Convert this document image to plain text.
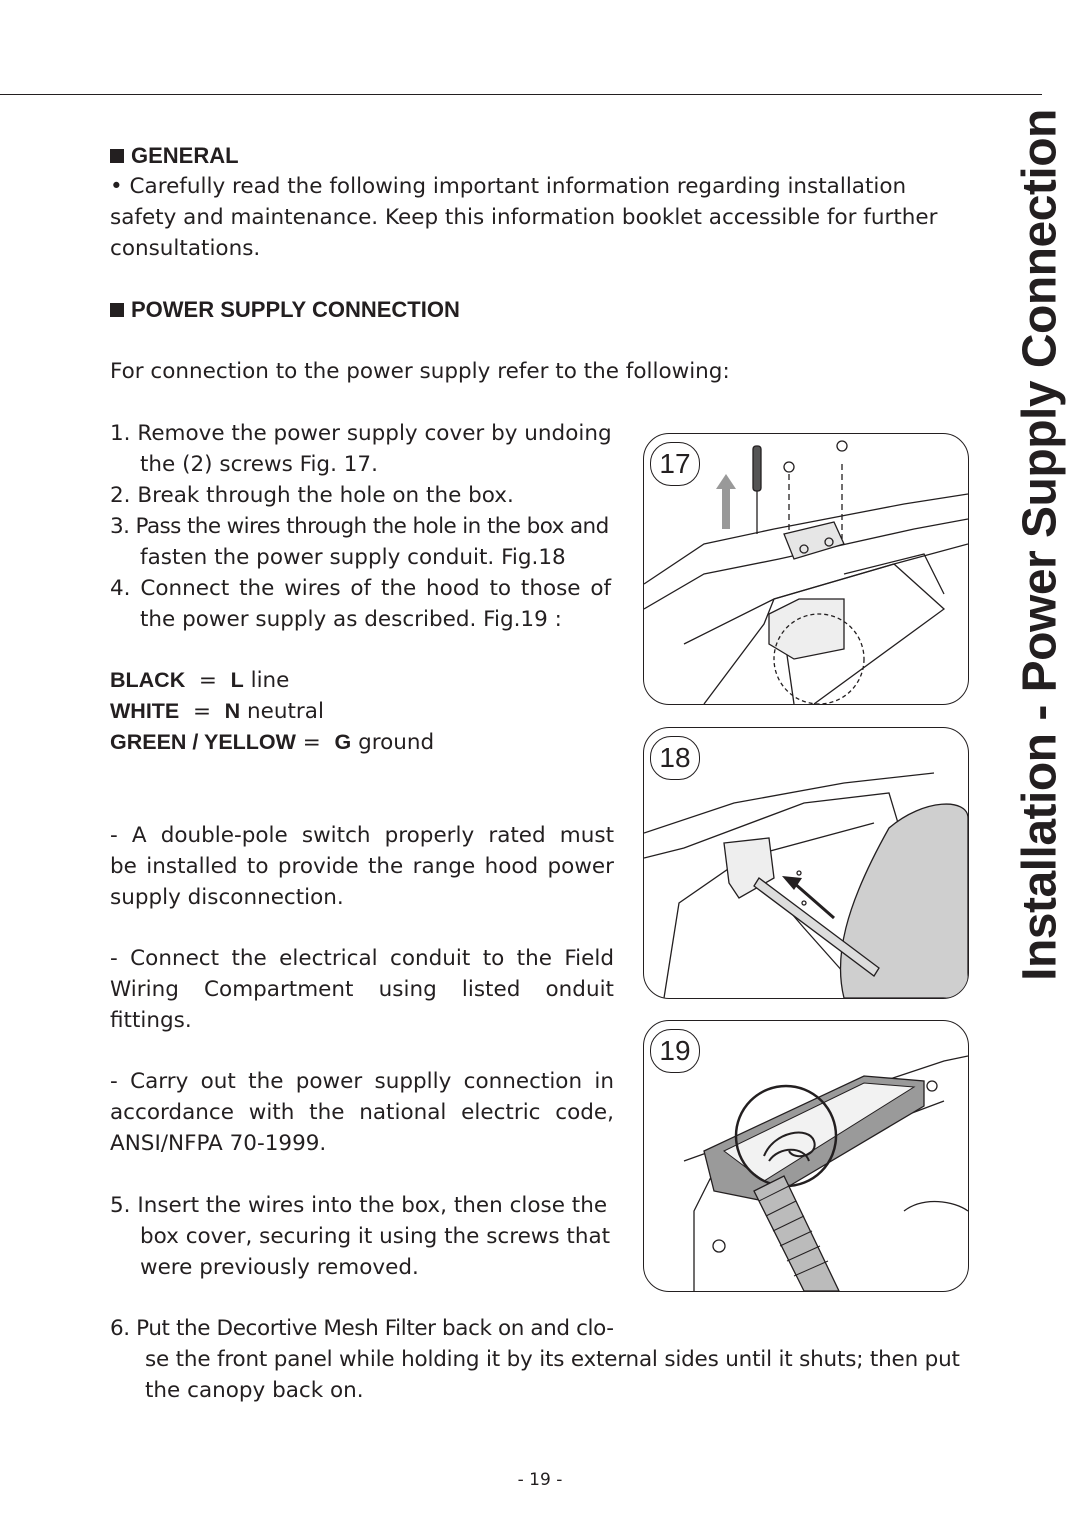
Installation - Power Supply Connection
GENERAL
• Carefully read the following important information regarding installation
safety and maintenance. Keep this information booklet accessible for further
consultations.
POWER SUPPLY CONNECTION
For connection to the power supply refer to the following:
1. Remove the power supply cover by undoing
the (2) screws Fig. 17.
2. Break through the hole on the box.
3. Pass the wires through the hole in the box and
fasten the power supply conduit. Fig.18
4. Connect the wires of the hood to those of
the power supply as described. Fig.19 :
BLACK = L line
WHITE = N neutral
GREEN / YELLOW = G ground
- A double-pole switch properly rated must
be installed to provide the range hood power
supply disconnection.
- Connect the electrical conduit to the Field
Wiring Compartment using listed onduit
fittings.
- Carry out the power supplly connection in
accordance with the national electric code,
ANSI/NFPA 70-1999.
5. Insert the wires into the box, then close the
box cover, securing it using the screws that
were previously removed.
6. Put the Decortive Mesh Filter back on and clo-
se the front panel while holding it by its external sides until it shuts; then put
the canopy back on.
17
18
19
- 19 -
